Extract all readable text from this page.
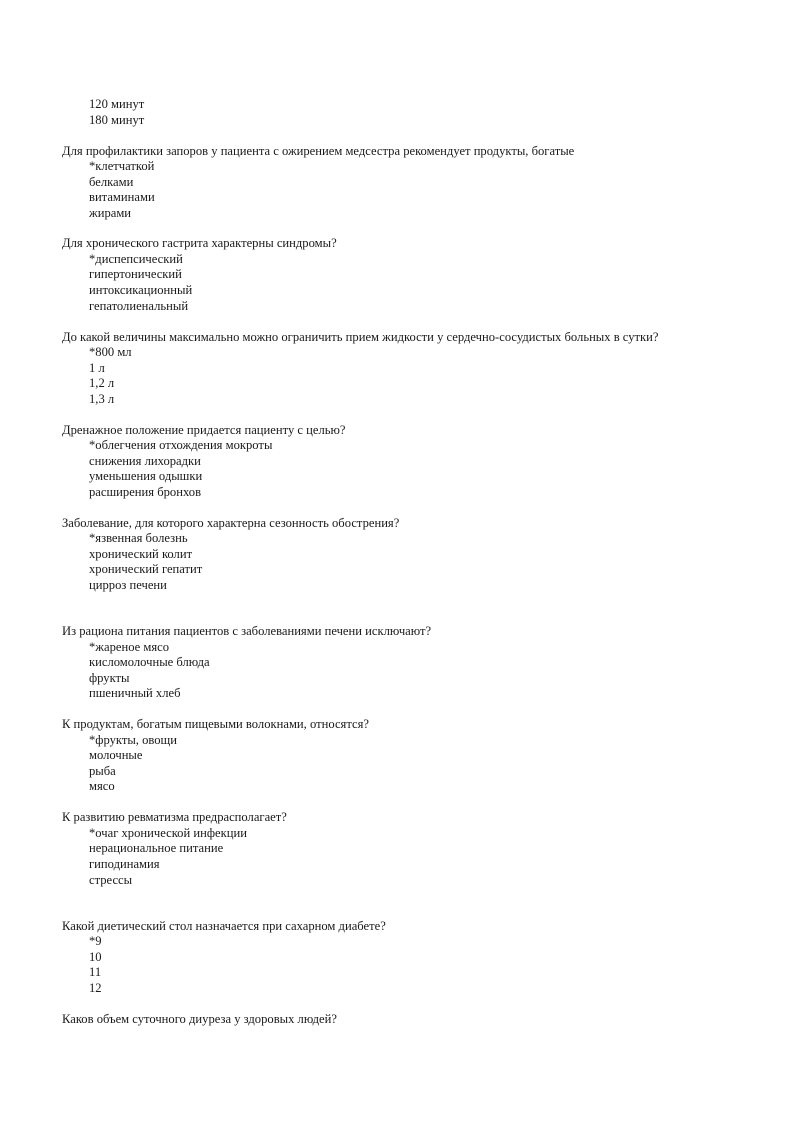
120 минут
180 минут
Для профилактики запоров у пациента с ожирением медсестра рекомендует продукты, богатые
*клетчаткой
белками
витаминами
жирами
Для хронического гастрита характерны синдромы?
*диспепсический
гипертонический
интоксикационный
гепатолиенальный
До какой величины максимально можно ограничить прием жидкости у сердечно-сосудистых больных в сутки?
*800 мл
1 л
1,2 л
1,3 л
Дренажное положение придается пациенту с целью?
*облегчения отхождения мокроты
снижения лихорадки
уменьшения одышки
расширения бронхов
Заболевание, для которого характерна сезонность обострения?
*язвенная болезнь
хронический колит
хронический гепатит
цирроз печени
Из рациона питания пациентов с заболеваниями печени исключают?
*жареное мясо
кисломолочные блюда
фрукты
пшеничный хлеб
К продуктам, богатым пищевыми волокнами, относятся?
*фрукты, овощи
молочные
рыба
мясо
К развитию ревматизма предрасполагает?
*очаг хронической инфекции
нерациональное питание
гиподинамия
стрессы
Какой диетический стол назначается при сахарном диабете?
*9
10
11
12
Каков объем суточного диуреза у здоровых людей?
